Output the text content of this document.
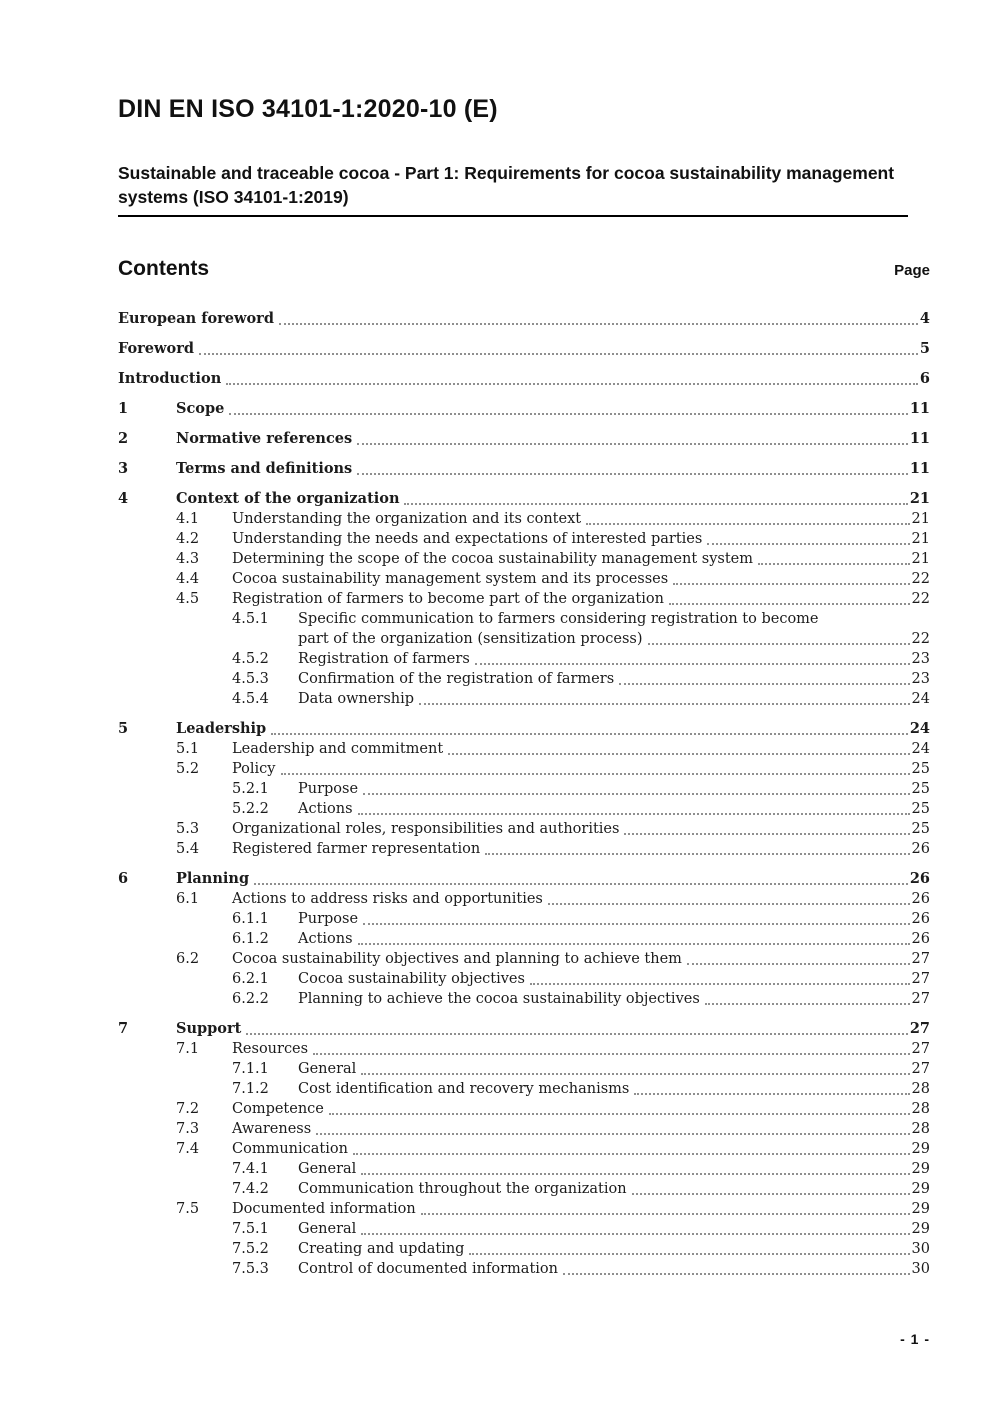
DIN EN ISO 34101-1:2020-10 (E)
Sustainable and traceable cocoa - Part 1: Requirements for cocoa sustainability management systems (ISO 34101-1:2019)
Contents	Page
European foreword	4
Foreword	5
Introduction	6
1	Scope	11
2	Normative references	11
3	Terms and definitions	11
4	Context of the organization	21
4.1	Understanding the organization and its context	21
4.2	Understanding the needs and expectations of interested parties	21
4.3	Determining the scope of the cocoa sustainability management system	21
4.4	Cocoa sustainability management system and its processes	22
4.5	Registration of farmers to become part of the organization	22
4.5.1	Specific communication to farmers considering registration to become
part of the organization (sensitization process)	22
4.5.2	Registration of farmers	23
4.5.3	Confirmation of the registration of farmers	23
4.5.4	Data ownership	24
5	Leadership	24
5.1	Leadership and commitment	24
5.2	Policy	25
5.2.1	Purpose	25
5.2.2	Actions	25
5.3	Organizational roles, responsibilities and authorities	25
5.4	Registered farmer representation	26
6	Planning	26
6.1	Actions to address risks and opportunities	26
6.1.1	Purpose	26
6.1.2	Actions	26
6.2	Cocoa sustainability objectives and planning to achieve them	27
6.2.1	Cocoa sustainability objectives	27
6.2.2	Planning to achieve the cocoa sustainability objectives	27
7	Support	27
7.1	Resources	27
7.1.1	General	27
7.1.2	Cost identification and recovery mechanisms	28
7.2	Competence	28
7.3	Awareness	28
7.4	Communication	29
7.4.1	General	29
7.4.2	Communication throughout the organization	29
7.5	Documented information	29
7.5.1	General	29
7.5.2	Creating and updating	30
7.5.3	Control of documented information	30
- 1 -
